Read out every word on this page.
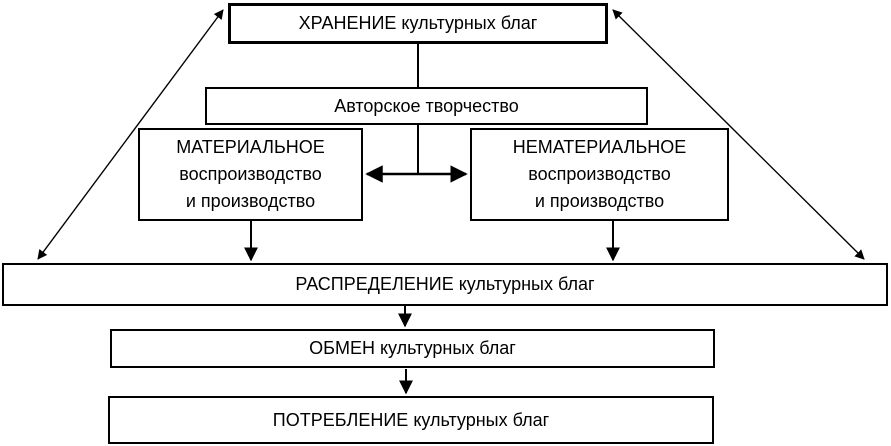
ХРАНЕНИЕ культурных благ
Авторское творчество
МАТЕРИАЛЬНОЕ
воспроизводство
и производство
НЕМАТЕРИАЛЬНОЕ
воспроизводство
и производство
РАСПРЕДЕЛЕНИЕ культурных благ
ОБМЕН культурных благ
ПОТРЕБЛЕНИЕ культурных благ
